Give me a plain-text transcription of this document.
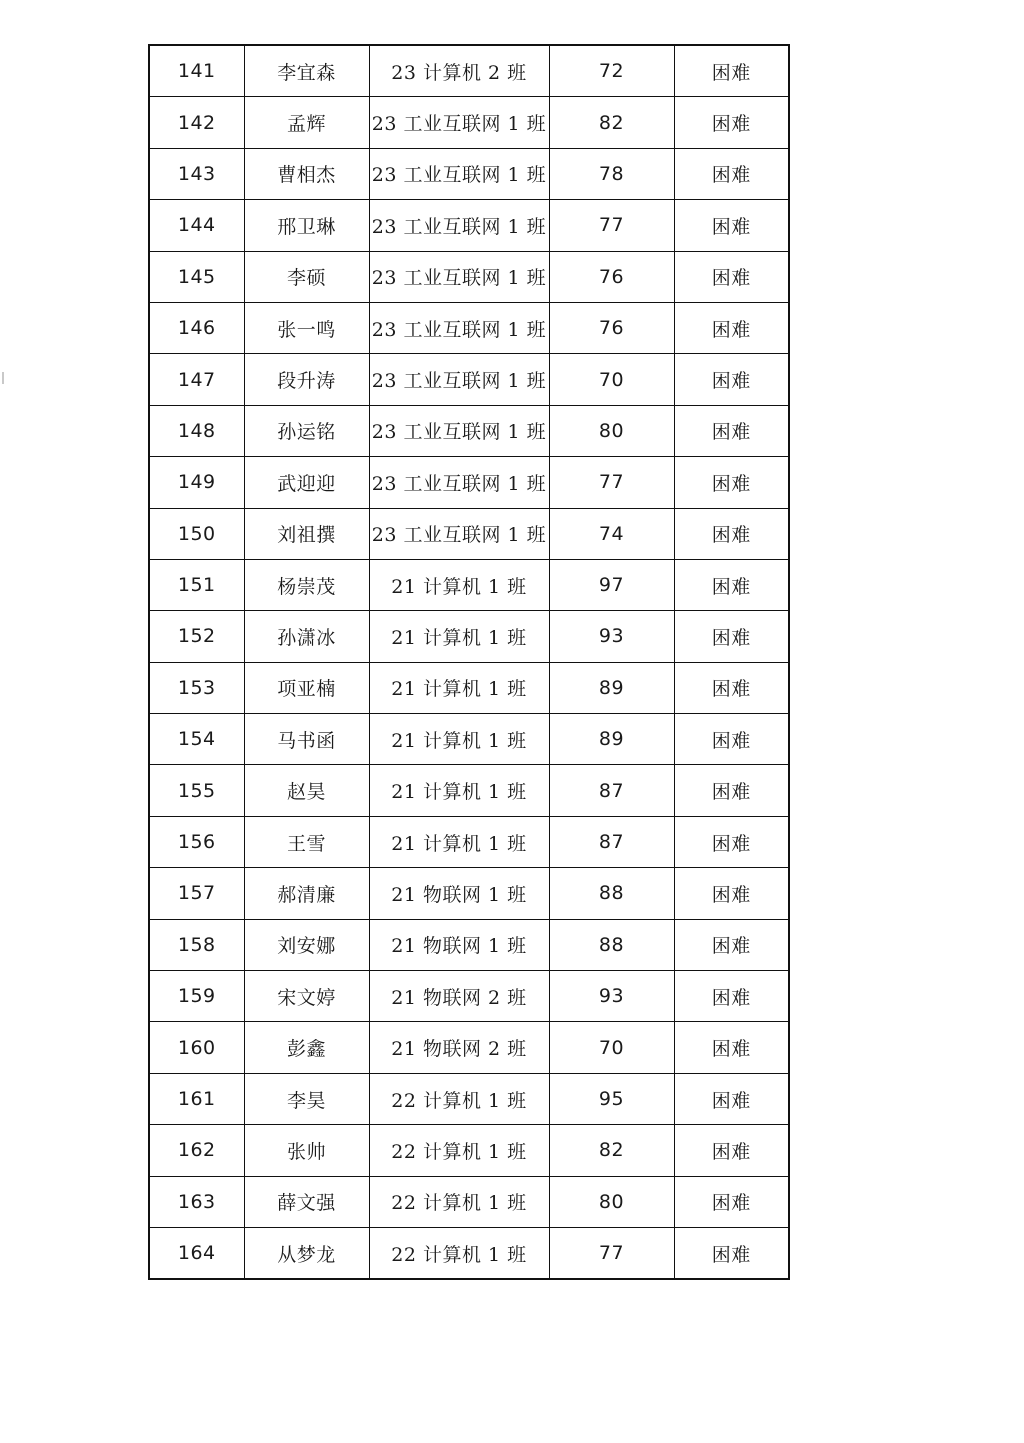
141	李宜森	23 计算机 2 班	72	困难
142	孟辉	23 工业互联网 1 班	82	困难
143	曹相杰	23 工业互联网 1 班	78	困难
144	邢卫琳	23 工业互联网 1 班	77	困难
145	李硕	23 工业互联网 1 班	76	困难
146	张一鸣	23 工业互联网 1 班	76	困难
147	段升涛	23 工业互联网 1 班	70	困难
148	孙运铭	23 工业互联网 1 班	80	困难
149	武迎迎	23 工业互联网 1 班	77	困难
150	刘祖撰	23 工业互联网 1 班	74	困难
151	杨崇茂	21 计算机 1 班	97	困难
152	孙潇冰	21 计算机 1 班	93	困难
153	项亚楠	21 计算机 1 班	89	困难
154	马书函	21 计算机 1 班	89	困难
155	赵昊	21 计算机 1 班	87	困难
156	王雪	21 计算机 1 班	87	困难
157	郝清廉	21 物联网 1 班	88	困难
158	刘安娜	21 物联网 1 班	88	困难
159	宋文婷	21 物联网 2 班	93	困难
160	彭鑫	21 物联网 2 班	70	困难
161	李昊	22 计算机 1 班	95	困难
162	张帅	22 计算机 1 班	82	困难
163	薛文强	22 计算机 1 班	80	困难
164	从梦龙	22 计算机 1 班	77	困难
